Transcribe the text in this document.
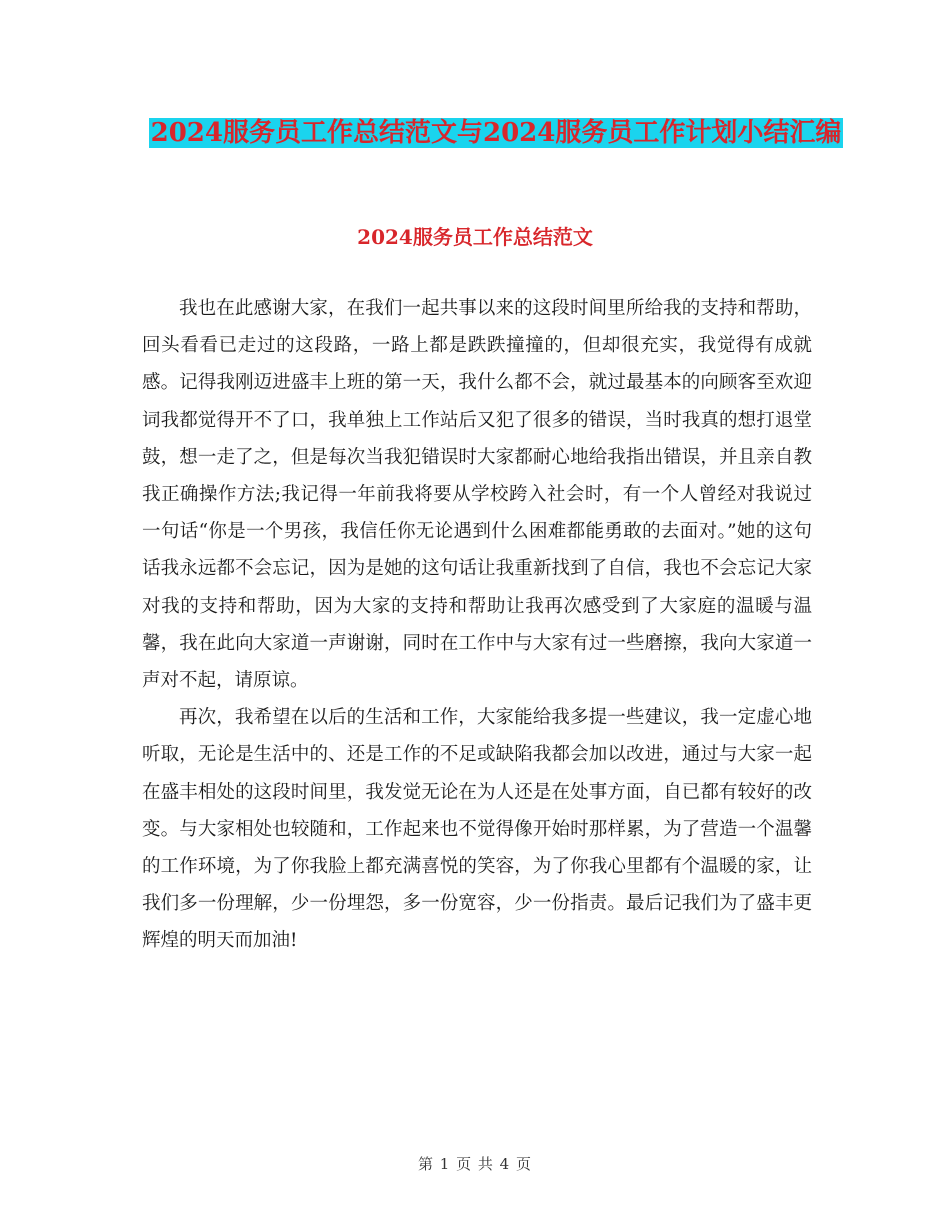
2024服务员工作总结范文与2024服务员工作计划小结汇编
2024服务员工作总结范文

我也在此感谢大家，在我们一起共事以来的这段时间里所给我的支持和帮助，回头看看已走过的这段路，一路上都是跌跌撞撞的，但却很充实，我觉得有成就感。记得我刚迈进盛丰上班的第一天，我什么都不会，就过最基本的向顾客至欢迎词我都觉得开不了口，我单独上工作站后又犯了很多的错误，当时我真的想打退堂鼓，想一走了之，但是每次当我犯错误时大家都耐心地给我指出错误，并且亲自教我正确操作方法;我记得一年前我将要从学校跨入社会时，有一个人曾经对我说过一句话“你是一个男孩，我信任你无论遇到什么困难都能勇敢的去面对。”她的这句话我永远都不会忘记，因为是她的这句话让我重新找到了自信，我也不会忘记大家对我的支持和帮助，因为大家的支持和帮助让我再次感受到了大家庭的温暖与温馨，我在此向大家道一声谢谢，同时在工作中与大家有过一些磨擦，我向大家道一声对不起，请原谅。

再次，我希望在以后的生活和工作，大家能给我多提一些建议，我一定虚心地听取，无论是生活中的、还是工作的不足或缺陷我都会加以改进，通过与大家一起在盛丰相处的这段时间里，我发觉无论在为人还是在处事方面，自已都有较好的改变。与大家相处也较随和，工作起来也不觉得像开始时那样累，为了营造一个温馨的工作环境，为了你我脸上都充满喜悦的笑容，为了你我心里都有个温暖的家，让我们多一份理解，少一份埋怨，多一份宽容，少一份指责。最后记我们为了盛丰更辉煌的明天而加油!

第 1 页 共 4 页
